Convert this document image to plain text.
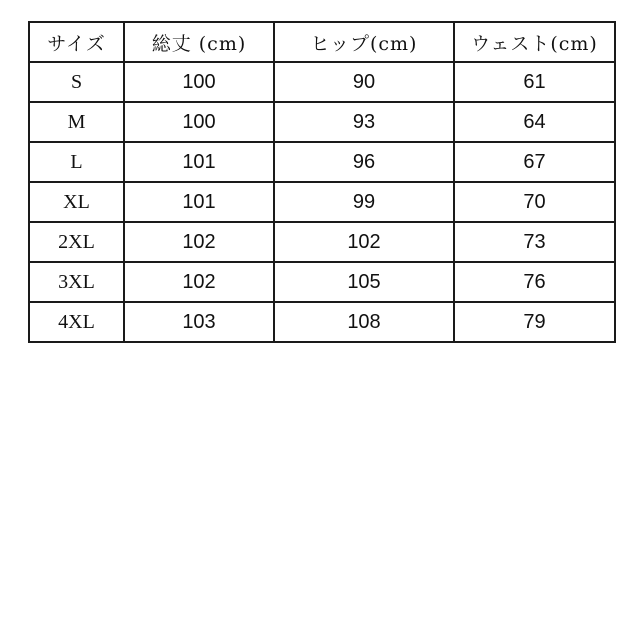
サイズ	総丈 (cm)	ヒップ(cm)	ウェスト(cm)
S	100	90	61
M	100	93	64
L	101	96	67
XL	101	99	70
2XL	102	102	73
3XL	102	105	76
4XL	103	108	79
